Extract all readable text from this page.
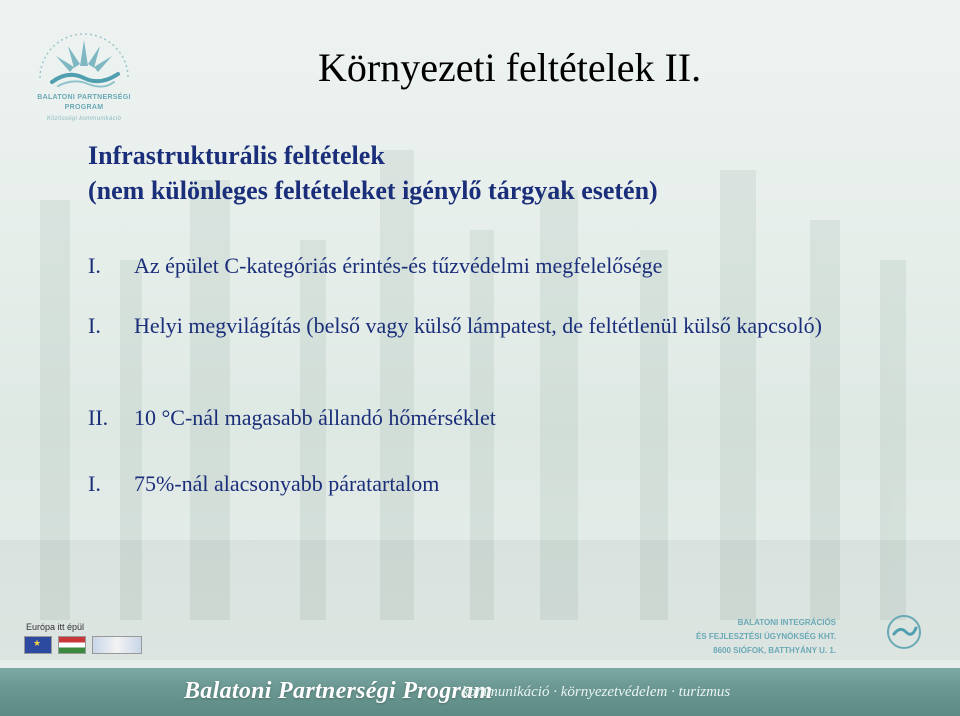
BALATONI PARTNERSÉGI
PROGRAM
Közösségi kommunikáció
Környezeti feltételek II.
Infrastrukturális feltételek
(nem különleges feltételeket igénylő tárgyak esetén)
I.	Az épület C-kategóriás érintés-és tűzvédelmi megfelelősége
I.	Helyi megvilágítás (belső vagy külső lámpatest, de feltétlenül külső kapcsoló)
II.	10 °C-nál magasabb állandó hőmérséklet
I.	75%-nál alacsonyabb páratartalom
Európa itt épül
★	BALATONI INTEGRÁCIÓS
ÉS FEJLESZTÉSI ÜGYNÖKSÉG KHT.
8600 SIÓFOK, BATTHYÁNY U. 1.
Balatoni Partnerségi Program
kommunikáció · környezetvédelem · turizmus
